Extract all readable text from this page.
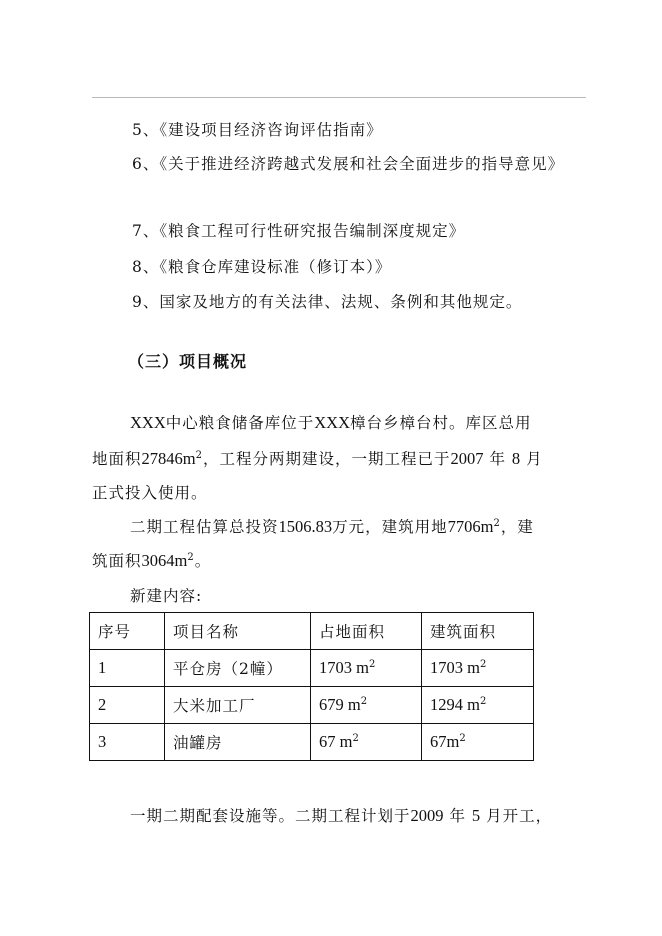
5、《建设项目经济咨询评估指南》
6、《关于推进经济跨越式发展和社会全面进步的指导意见》
7、《粮食工程可行性研究报告编制深度规定》
8、《粮食仓库建设标准（修订本）》
9、国家及地方的有关法律、法规、条例和其他规定。
（三）项目概况
XXX中心粮食储备库位于XXX樟台乡樟台村。库区总用
地面积$27846m^2$，工程分两期建设，一期工程已于2007 年 8 月
正式投入使用。
二期工程估算总投资1506.83万元，建筑用地$7706m^2$，建
筑面积$3064m^2$。
新建内容:
序号	项目名称	占地面积	建筑面积
1	平仓房（2幢）	1703 $m^2$	1703 $m^2$
2	大米加工厂	679 $m^2$	1294 $m^2$
3	油罐房	67 $m^2$	$67m^2$
一期二期配套设施等。二期工程计划于2009 年 5 月开工，
